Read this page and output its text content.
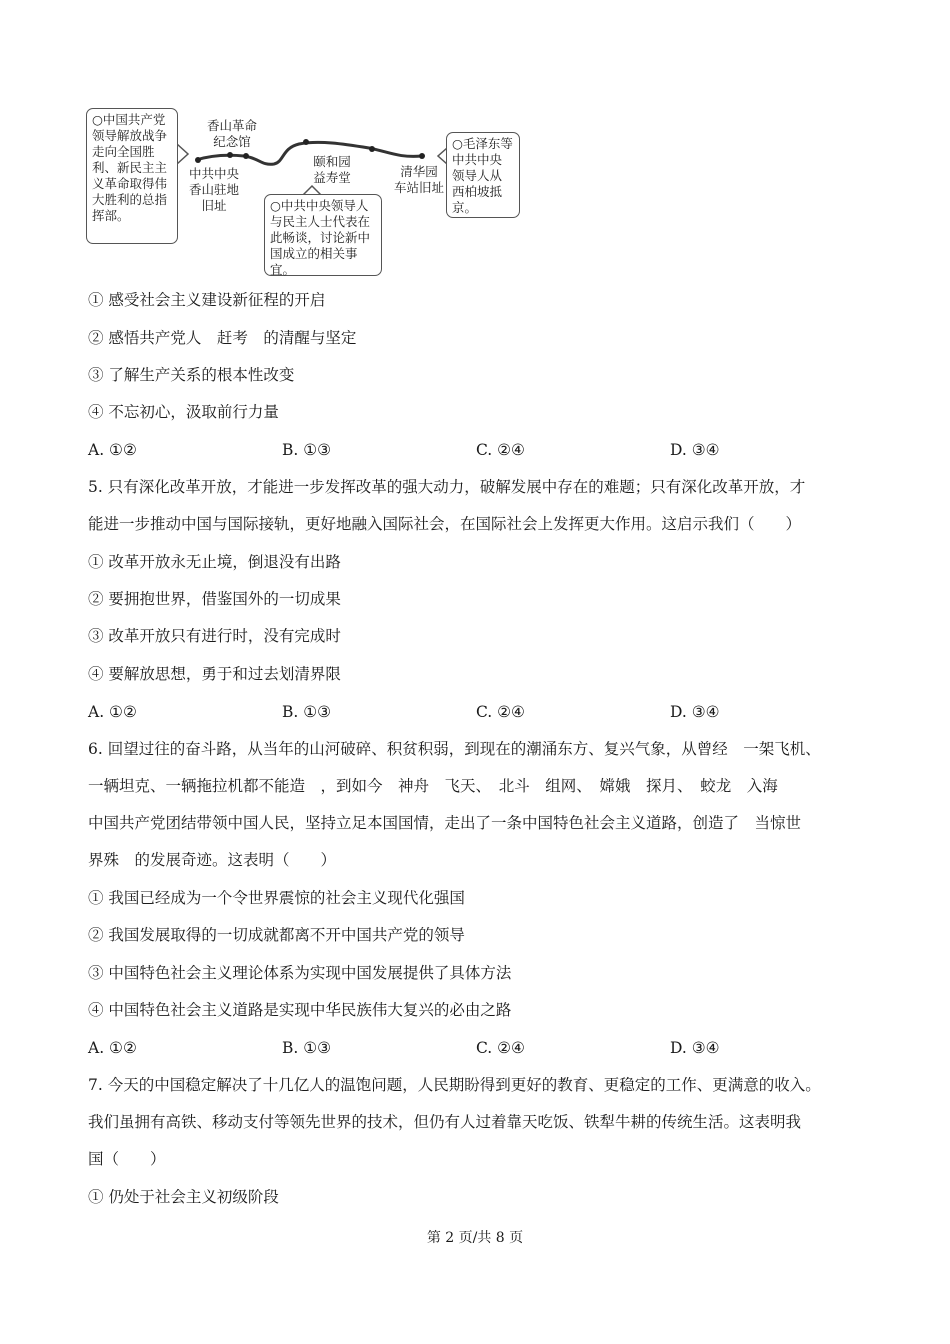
○中国共产党领导解放战争走向全国胜利、新民主主义革命取得伟大胜利的总指挥部。
香山革命
纪念馆
中共中央
香山驻地
旧址
颐和园
益寿堂	清华园
车站旧址
○中共中央领导人与民主人士代表在此畅谈，讨论新中国成立的相关事宜。
○毛泽东等中共中央领导人从西柏坡抵京。
① 感受社会主义建设新征程的开启
② 感悟共产党人　赶考　的清醒与坚定
③ 了解生产关系的根本性改变
④ 不忘初心，汲取前行力量
A. ①②	B. ①③	C. ②④	D. ③④
5. 只有深化改革开放，才能进一步发挥改革的强大动力，破解发展中存在的难题；只有深化改革开放，才
能进一步推动中国与国际接轨，更好地融入国际社会，在国际社会上发挥更大作用。这启示我们（　　）
① 改革开放永无止境，倒退没有出路
② 要拥抱世界，借鉴国外的一切成果
③ 改革开放只有进行时，没有完成时
④ 要解放思想，勇于和过去划清界限
A. ①②	B. ①③	C. ②④	D. ③④
6. 回望过往的奋斗路，从当年的山河破碎、积贫积弱，到现在的潮涌东方、复兴气象，从曾经　一架飞机、
一辆坦克、一辆拖拉机都不能造　，到如今　神舟　飞天、　北斗　组网、　嫦娥　探月、　蛟龙　入海
中国共产党团结带领中国人民，坚持立足本国国情，走出了一条中国特色社会主义道路，创造了　当惊世
界殊　的发展奇迹。这表明（　　）
① 我国已经成为一个令世界震惊的社会主义现代化强国
② 我国发展取得的一切成就都离不开中国共产党的领导
③ 中国特色社会主义理论体系为实现中国发展提供了具体方法
④ 中国特色社会主义道路是实现中华民族伟大复兴的必由之路
A. ①②	B. ①③	C. ②④	D. ③④
7. 今天的中国稳定解决了十几亿人的温饱问题，人民期盼得到更好的教育、更稳定的工作、更满意的收入。
我们虽拥有高铁、移动支付等领先世界的技术，但仍有人过着靠天吃饭、铁犁牛耕的传统生活。这表明我
国（　　）
① 仍处于社会主义初级阶段
第 2 页/共 8 页
